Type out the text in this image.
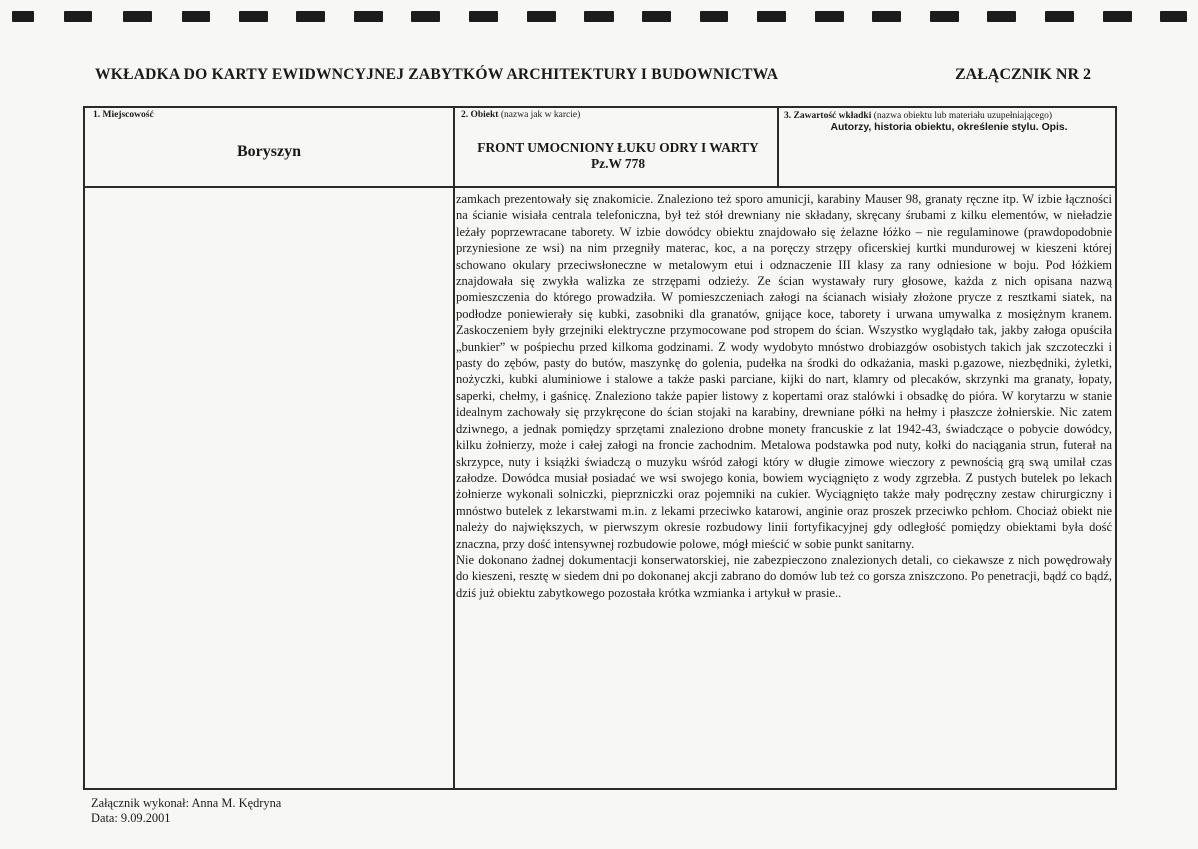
WKŁADKA DO KARTY EWIDWNCYJNEJ ZABYTKÓW ARCHITEKTURY I BUDOWNICTWA	ZAŁĄCZNIK NR 2
1. Miejscowość
Boryszyn
2. Obiekt (nazwa jak w karcie)
FRONT UMOCNIONY ŁUKU ODRY I WARTY
Pz.W 778
3. Zawartość wkładki (nazwa obiektu lub materiału uzupełniającego)
Autorzy, historia obiektu, określenie stylu. Opis.

zamkach prezentowały się znakomicie. Znaleziono też sporo amunicji, karabiny Mauser 98, granaty ręczne itp. W izbie łączności na ścianie wisiała centrala telefoniczna, był też stół drewniany nie składany, skręcany śrubami z kilku elementów, w nieładzie leżały poprzewracane taborety. W izbie dowódcy obiektu znajdowało się żelazne łóżko – nie regulaminowe (prawdopodobnie przyniesione ze wsi) na nim przegniły materac, koc, a na poręczy strzępy oficerskiej kurtki mundurowej w kieszeni której schowano okulary przeciwsłoneczne w metalowym etui i odznaczenie III klasy za rany odniesione w boju. Pod łóżkiem znajdowała się zwykła walizka ze strzępami odzieży. Ze ścian wystawały rury głosowe, każda z nich opisana nazwą pomieszczenia do którego prowadziła. W pomieszczeniach załogi na ścianach wisiały złożone prycze z resztkami siatek, na podłodze poniewierały się kubki, zasobniki dla granatów, gnijące koce, taborety i urwana umywalka z mosiężnym kranem. Zaskoczeniem były grzejniki elektryczne przymocowane pod stropem do ścian. Wszystko wyglądało tak, jakby załoga opuściła „bunkier” w pośpiechu przed kilkoma godzinami. Z wody wydobyto mnóstwo drobiazgów osobistych takich jak szczoteczki i pasty do zębów, pasty do butów, maszynkę do golenia, pudełka na środki do odkażania, maski p.gazowe, niezbędniki, żyletki, nożyczki, kubki aluminiowe i stalowe a także paski parciane, kijki do nart, klamry od plecaków, skrzynki ma granaty, łopaty, saperki, chełmy, i gaśnicę. Znaleziono także papier listowy z kopertami oraz stalówki i obsadkę do pióra. W korytarzu w stanie idealnym zachowały się przykręcone do ścian stojaki na karabiny, drewniane półki na hełmy i płaszcze żołnierskie. Nic zatem dziwnego, a jednak pomiędzy sprzętami znaleziono drobne monety francuskie z lat 1942-43, świadczące o pobycie dowódcy, kilku żołnierzy, może i całej załogi na froncie zachodnim. Metalowa podstawka pod nuty, kołki do naciągania strun, futerał na skrzypce, nuty i książki świadczą o muzyku wśród załogi który w długie zimowe wieczory z pewnością grą swą umilał czas załodze. Dowódca musiał posiadać we wsi swojego konia, bowiem wyciągnięto z wody zgrzebła. Z pustych butelek po lekach żołnierze wykonali solniczki, pieprzniczki oraz pojemniki na cukier. Wyciągnięto także mały podręczny zestaw chirurgiczny i mnóstwo butelek z lekarstwami m.in. z lekami przeciwko katarowi, anginie oraz proszek przeciwko pchłom. Chociaż obiekt nie należy do największych, w pierwszym okresie rozbudowy linii fortyfikacyjnej gdy odległość pomiędzy obiektami była dość znaczna, przy dość intensywnej rozbudowie polowe, mógł mieścić w sobie punkt sanitarny.

Nie dokonano żadnej dokumentacji konserwatorskiej, nie zabezpieczono znalezionych detali, co ciekawsze z nich powędrowały do kieszeni, resztę w siedem dni po dokonanej akcji zabrano do domów lub też co gorsza zniszczono. Po penetracji, bądź co bądź, dziś już obiektu zabytkowego pozostała krótka wzmianka i artykuł w prasie..

Załącznik wykonał: Anna M. Kędryna
Data: 9.09.2001
